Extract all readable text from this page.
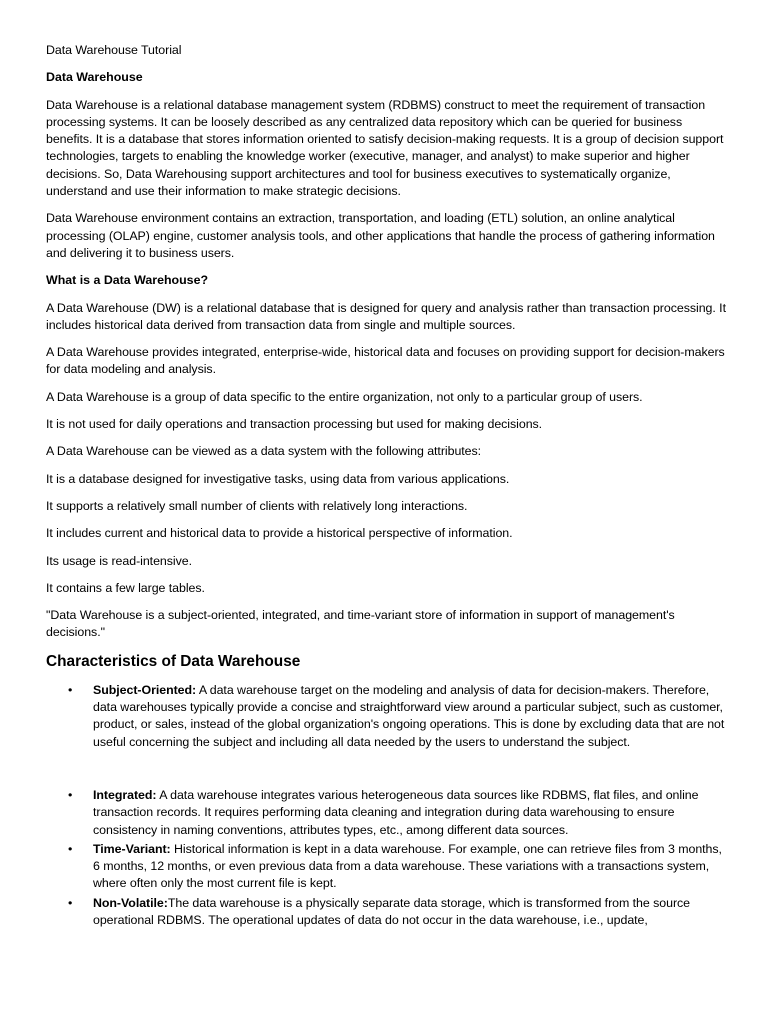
Data Warehouse Tutorial

Data Warehouse

Data Warehouse is a relational database management system (RDBMS) construct to meet the requirement of transaction processing systems. It can be loosely described as any centralized data repository which can be queried for business benefits. It is a database that stores information oriented to satisfy decision-making requests. It is a group of decision support technologies, targets to enabling the knowledge worker (executive, manager, and analyst) to make superior and higher decisions. So, Data Warehousing support architectures and tool for business executives to systematically organize, understand and use their information to make strategic decisions.

Data Warehouse environment contains an extraction, transportation, and loading (ETL) solution, an online analytical processing (OLAP) engine, customer analysis tools, and other applications that handle the process of gathering information and delivering it to business users.

What is a Data Warehouse?

A Data Warehouse (DW) is a relational database that is designed for query and analysis rather than transaction processing. It includes historical data derived from transaction data from single and multiple sources.

A Data Warehouse provides integrated, enterprise-wide, historical data and focuses on providing support for decision-makers for data modeling and analysis.

A Data Warehouse is a group of data specific to the entire organization, not only to a particular group of users.

It is not used for daily operations and transaction processing but used for making decisions.

A Data Warehouse can be viewed as a data system with the following attributes:

It is a database designed for investigative tasks, using data from various applications.

It supports a relatively small number of clients with relatively long interactions.

It includes current and historical data to provide a historical perspective of information.

Its usage is read-intensive.

It contains a few large tables.

"Data Warehouse is a subject-oriented, integrated, and time-variant store of information in support of management's decisions."

Characteristics of Data Warehouse

• Subject-Oriented: A data warehouse target on the modeling and analysis of data for decision-makers. Therefore, data warehouses typically provide a concise and straightforward view around a particular subject, such as customer, product, or sales, instead of the global organization's ongoing operations. This is done by excluding data that are not useful concerning the subject and including all data needed by the users to understand the subject.
• Integrated: A data warehouse integrates various heterogeneous data sources like RDBMS, flat files, and online transaction records. It requires performing data cleaning and integration during data warehousing to ensure consistency in naming conventions, attributes types, etc., among different data sources.
• Time-Variant: Historical information is kept in a data warehouse. For example, one can retrieve files from 3 months, 6 months, 12 months, or even previous data from a data warehouse. These variations with a transactions system, where often only the most current file is kept.
• Non-Volatile:The data warehouse is a physically separate data storage, which is transformed from the source operational RDBMS. The operational updates of data do not occur in the data warehouse, i.e., update,
